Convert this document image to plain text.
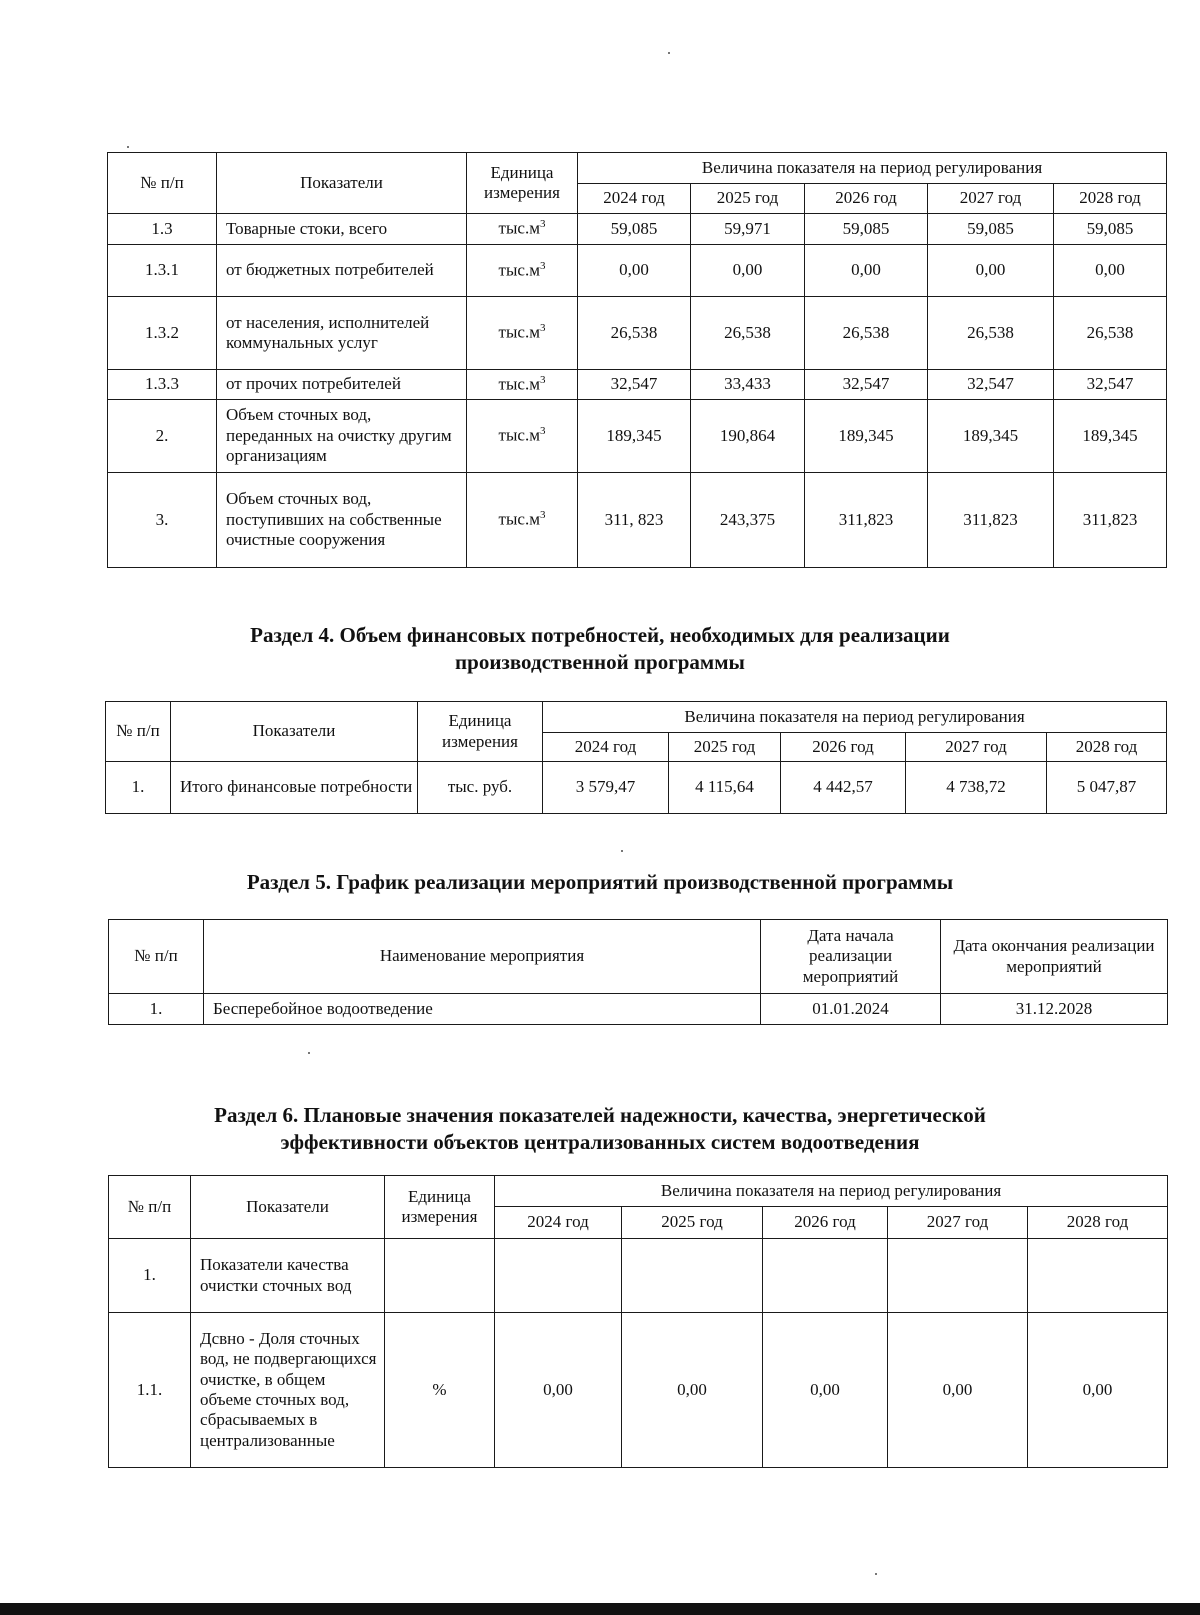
№ п/п	Показатели	Единица измерения	Величина показателя на период регулирования				
			2024 год	2025 год	2026 год	2027 год	2028 год
1.3	Товарные стоки, всего	$тыс.м^3$	59,085	59,971	59,085	59,085	59,085
1.3.1	от бюджетных потребителей	$тыс.м^3$	0,00	0,00	0,00	0,00	0,00
1.3.2	от населения, исполнителей коммунальных услуг	$тыс.м^3$	26,538	26,538	26,538	26,538	26,538
1.3.3	от прочих потребителей	$тыс.м^3$	32,547	33,433	32,547	32,547	32,547
2.	Объем сточных вод, переданных на очистку другим организациям	$тыс.м^3$	189,345	190,864	189,345	189,345	189,345
3.	Объем сточных вод, поступивших на собственные очистные сооружения	$тыс.м^3$	311, 823	243,375	311,823	311,823	311,823
Раздел 4. Объем финансовых потребностей, необходимых для реализации
производственной программы
№ п/п	Показатели	Единица измерения	Величина показателя на период регулирования				
			2024 год	2025 год	2026 год	2027 год	2028 год
1.	Итого финансовые потребности	тыс. руб.	3 579,47	4 115,64	4 442,57	4 738,72	5 047,87
Раздел 5. График реализации мероприятий производственной программы
№ п/п	Наименование мероприятия	Дата начала реализации мероприятий	Дата окончания реализации мероприятий
1.	Бесперебойное водоотведение	01.01.2024	31.12.2028
Раздел 6. Плановые значения показателей надежности, качества, энергетической
эффективности объектов централизованных систем водоотведения
№ п/п	Показатели	Единица измерения	Величина показателя на период регулирования				
			2024 год	2025 год	2026 год	2027 год	2028 год
1.	Показатели качества очистки сточных вод						
1.1.	Дсвно - Доля сточных вод, не подвергающихся очистке, в общем объеме сточных вод, сбрасываемых в централизованные	%	0,00	0,00	0,00	0,00	0,00
